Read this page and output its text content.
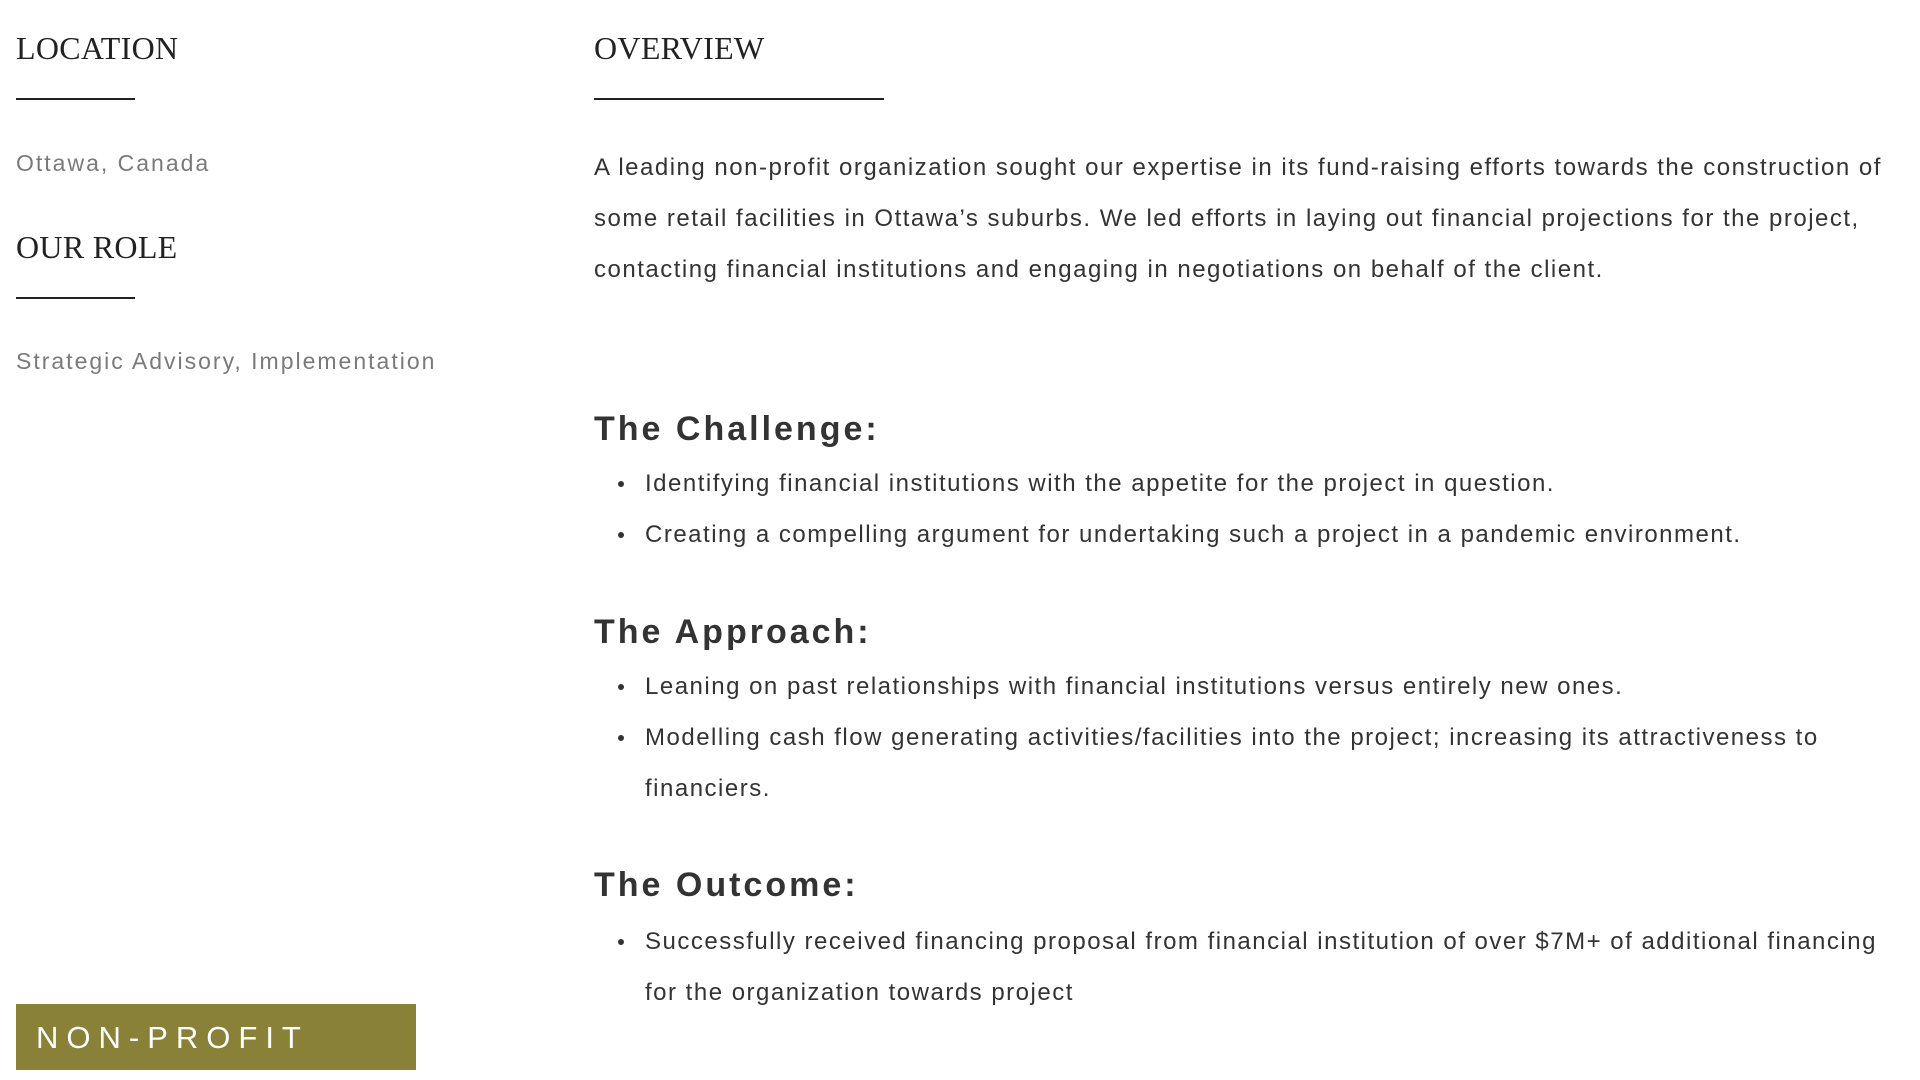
LOCATION

Ottawa, Canada

OUR ROLE

Strategic Advisory, Implementation

NON-PROFIT
OVERVIEW

A leading non-profit organization sought our expertise in its fund-raising efforts towards the construction of some retail facilities in Ottawa’s suburbs. We led efforts in laying out financial projections for the project, contacting financial institutions and engaging in negotiations on behalf of the client.

The Challenge:
Identifying financial institutions with the appetite for the project in question.
Creating a compelling argument for undertaking such a project in a pandemic environment.
The Approach:
Leaning on past relationships with financial institutions versus entirely new ones.
Modelling cash flow generating activities/facilities into the project; increasing its attractiveness to financiers.
The Outcome:
Successfully received financing proposal from financial institution of over $7M+ of additional financing for the organization towards project
